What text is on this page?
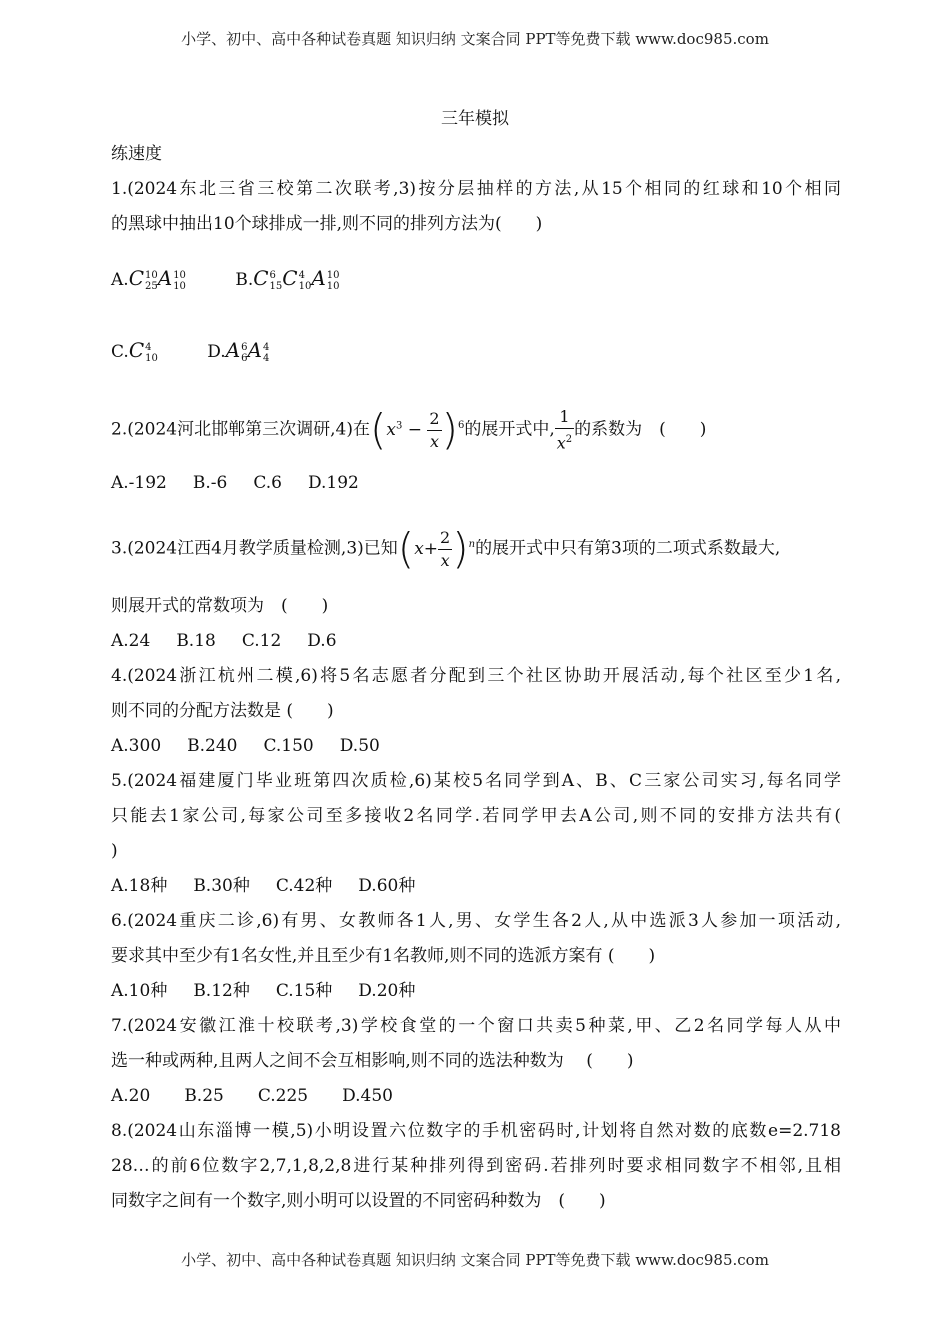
小学、初中、高中各种试卷真题 知识归纳 文案合同 PPT等免费下载 www.doc985.com
三年模拟
练速度
1.(2024东北三省三校第二次联考,3)按分层抽样的方法,从15个相同的红球和10个相同
的黑球中抽出10个球排成一排,则不同的排列方法为(　　)
A.C 10
25 A 10
10	B.C 6
15 C 4
10 A 10
10
C.C 4
10	D.A 6
6 A 4
4
2.(2024河北邯郸第三次调研,4)在$(x^3 - \frac{2}{x} )^6$的展开式中, $\frac{1}{x^2}$ 的系数为　(　　)
A.-192 B.-6 C.6 D.192
3.(2024江西4月教学质量检测,3)已知$(x+ \frac{2}{x} )^n$的展开式中只有第3项的二项式系数最大,
则展开式的常数项为　(　　)
A.24 B.18 C.12 D.6
4.(2024浙江杭州二模,6)将5名志愿者分配到三个社区协助开展活动,每个社区至少1名,
则不同的分配方法数是 (　　)
A.300 B.240 C.150 D.50
5.(2024福建厦门毕业班第四次质检,6)某校5名同学到A、B、C三家公司实习,每名同学
只能去1家公司,每家公司至多接收2名同学.若同学甲去A公司,则不同的安排方法共有(
)
A.18种 B.30种 C.42种 D.60种
6.(2024重庆二诊,6)有男、女教师各1人,男、女学生各2人,从中选派3人参加一项活动,
要求其中至少有1名女性,并且至少有1名教师,则不同的选派方案有 (　　)
A.10种 B.12种 C.15种 D.20种
7.(2024安徽江淮十校联考,3)学校食堂的一个窗口共卖5种菜,甲、乙2名同学每人从中
选一种或两种,且两人之间不会互相影响,则不同的选法种数为　 (　　)
A.20 B.25 C.225 D.450
8.(2024山东淄博一模,5)小明设置六位数字的手机密码时,计划将自然对数的底数e=2.718
28…的前6位数字2,7,1,8,2,8进行某种排列得到密码.若排列时要求相同数字不相邻,且相
同数字之间有一个数字,则小明可以设置的不同密码种数为　(　　)
小学、初中、高中各种试卷真题 知识归纳 文案合同 PPT等免费下载 www.doc985.com
